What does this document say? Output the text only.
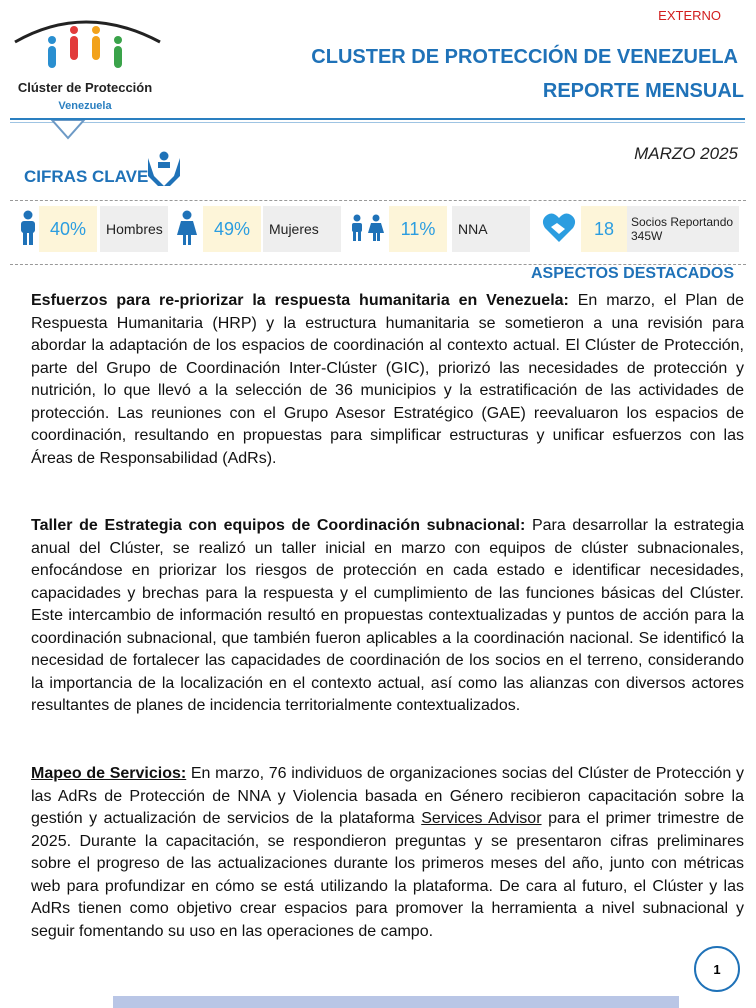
Clúster de Protección
Venezuela
EXTERNO
CLUSTER DE PROTECCIÓN DE VENEZUELA
REPORTE MENSUAL
MARZO 2025
CIFRAS CLAVE
40%	Hombres	49%	Mujeres	11%	NNA	18	Socios Reportando
345W
ASPECTOS DESTACADOS

Esfuerzos para re-priorizar la respuesta humanitaria en Venezuela: En marzo, el Plan de Respuesta Humanitaria (HRP) y la estructura humanitaria se sometieron a una revisión para abordar la adaptación de los espacios de coordinación al contexto actual. El Clúster de Protección, parte del Grupo de Coordinación Inter-Clúster (GIC), priorizó las necesidades de protección y nutrición, lo que llevó a la selección de 36 municipios y la estratificación de las actividades de protección. Las reuniones con el Grupo Asesor Estratégico (GAE) reevaluaron los espacios de coordinación, resultando en propuestas para simplificar estructuras y unificar esfuerzos con las Áreas de Responsabilidad (AdRs).

Taller de Estrategia con equipos de Coordinación subnacional: Para desarrollar la estrategia anual del Clúster, se realizó un taller inicial en marzo con equipos de clúster subnacionales, enfocándose en priorizar los riesgos de protección en cada estado e identificar necesidades, capacidades y brechas para la respuesta y el cumplimiento de las funciones básicas del Clúster. Este intercambio de información resultó en propuestas contextualizadas y puntos de acción para la coordinación subnacional, que también fueron aplicables a la coordinación nacional. Se identificó la necesidad de fortalecer las capacidades de coordinación de los socios en el terreno, considerando la importancia de la localización en el contexto actual, así como las alianzas con diversos actores resultantes de planes de incidencia territorialmente contextualizados.

Mapeo de Servicios: En marzo, 76 individuos de organizaciones socias del Clúster de Protección y las AdRs de Protección de NNA y Violencia basada en Género recibieron capacitación sobre la gestión y actualización de servicios de la plataforma Services Advisor para el primer trimestre de 2025. Durante la capacitación, se respondieron preguntas y se presentaron cifras preliminares sobre el progreso de las actualizaciones durante los primeros meses del año, junto con métricas web para profundizar en cómo se está utilizando la plataforma. De cara al futuro, el Clúster y las AdRs tienen como objetivo crear espacios para promover la herramienta a nivel subnacional y seguir fomentando su uso en las operaciones de campo.

1
